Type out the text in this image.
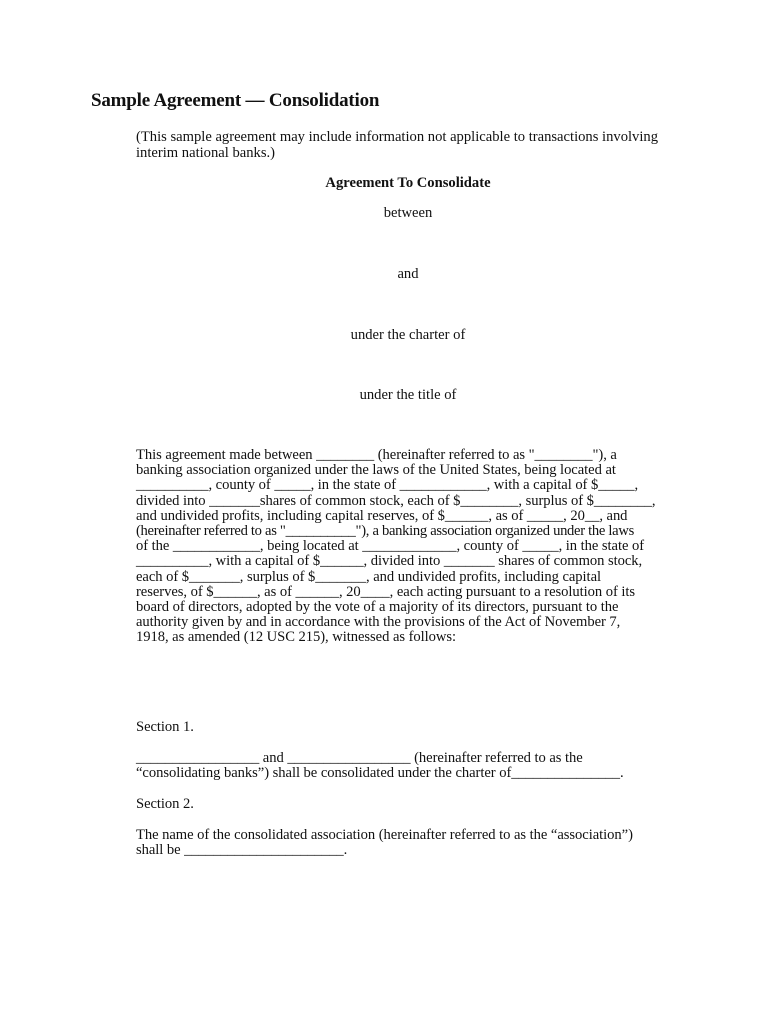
Sample Agreement — Consolidation
(This sample agreement may include information not applicable to transactions involving interim national banks.)
Agreement To Consolidate
between
and
under the charter of
under the title of
This agreement made between ________ (hereinafter referred to as "________"), a
banking association organized under the laws of the United States, being located at
__________, county of _____, in the state of ____________, with a capital of $_____,
divided into _______shares of common stock, each of $________, surplus of $________,
and undivided profits, including capital reserves, of $______, as of _____, 20__, and
(hereinafter referred to as "__________"), a banking association organized under the laws
of the ____________, being located at _____________, county of _____, in the state of
__________, with a capital of $______, divided into _______ shares of common stock,
each of $_______, surplus of $_______, and undivided profits, including capital
reserves, of $______, as of ______, 20____, each acting pursuant to a resolution of its
board of directors, adopted by the vote of a majority of its directors, pursuant to the
authority given by and in accordance with the provisions of the Act of November 7,
1918, as amended (12 USC 215), witnessed as follows:
Section 1.
_________________ and _________________ (hereinafter referred to as the
“consolidating banks”) shall be consolidated under the charter of_______________.
Section 2.
The name of the consolidated association (hereinafter referred to as the “association”)
shall be ______________________.
